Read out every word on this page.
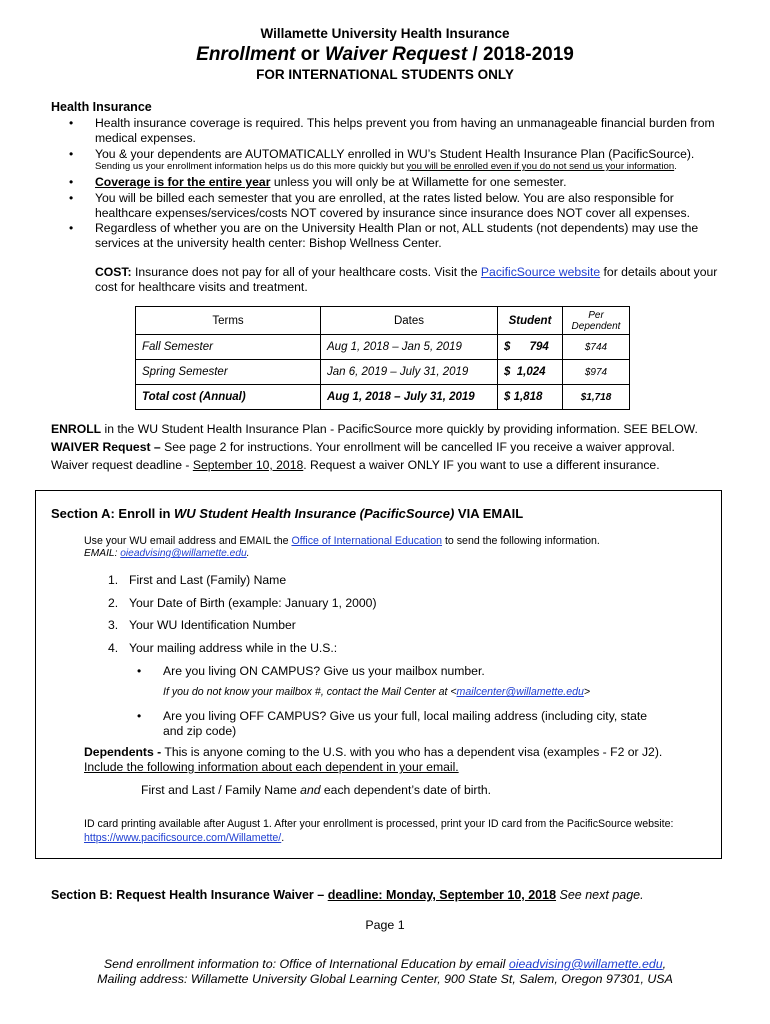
Willamette University Health Insurance
Enrollment or Waiver Request / 2018-2019
FOR INTERNATIONAL STUDENTS ONLY
Health Insurance
• Health insurance coverage is required. This helps prevent you from having an unmanageable financial burden from medical expenses.
• You & your dependents are AUTOMATICALLY enrolled in WU’s Student Health Insurance Plan (PacificSource).
Sending us your enrollment information helps us do this more quickly but you will be enrolled even if you do not send us your information.
• Coverage is for the entire year unless you will only be at Willamette for one semester.
• You will be billed each semester that you are enrolled, at the rates listed below. You are also responsible for healthcare expenses/services/costs NOT covered by insurance since insurance does NOT cover all expenses.
• Regardless of whether you are on the University Health Plan or not, ALL students (not dependents) may use the services at the university health center: Bishop Wellness Center.
COST: Insurance does not pay for all of your healthcare costs. Visit the PacificSource website for details about your cost for healthcare visits and treatment.
Terms	Dates	Student	Per Dependent
Fall Semester	Aug 1, 2018 – Jan 5, 2019	$      794	$744
Spring Semester	Jan 6, 2019 – July 31, 2019	$  1,024	$974
Total cost (Annual)	Aug 1, 2018 – July 31, 2019	$ 1,818	$1,718
ENROLL in the WU Student Health Insurance Plan - PacificSource more quickly by providing information. SEE BELOW.
WAIVER Request – See page 2 for instructions. Your enrollment will be cancelled IF you receive a waiver approval.
Waiver request deadline - September 10, 2018. Request a waiver ONLY IF you want to use a different insurance.
Section A: Enroll in WU Student Health Insurance (PacificSource) VIA EMAIL
Use your WU email address and EMAIL the Office of International Education to send the following information.
EMAIL: oieadvising@willamette.edu.
1. First and Last (Family) Name
2. Your Date of Birth (example: January 1, 2000)
3. Your WU Identification Number
4. Your mailing address while in the U.S.:
• Are you living ON CAMPUS? Give us your mailbox number.
If you do not know your mailbox #, contact the Mail Center at <mailcenter@willamette.edu>
• Are you living OFF CAMPUS? Give us your full, local mailing address (including city, state and zip code)
Dependents - This is anyone coming to the U.S. with you who has a dependent visa (examples - F2 or J2).
Include the following information about each dependent in your email.
First and Last / Family Name and each dependent’s date of birth.
ID card printing available after August 1. After your enrollment is processed, print your ID card from the PacificSource website: https://www.pacificsource.com/Willamette/.
Section B: Request Health Insurance Waiver – deadline: Monday, September 10, 2018 See next page.
Page 1
Send enrollment information to: Office of International Education by email oieadvising@willamette.edu,
Mailing address: Willamette University Global Learning Center, 900 State St, Salem, Oregon 97301, USA
